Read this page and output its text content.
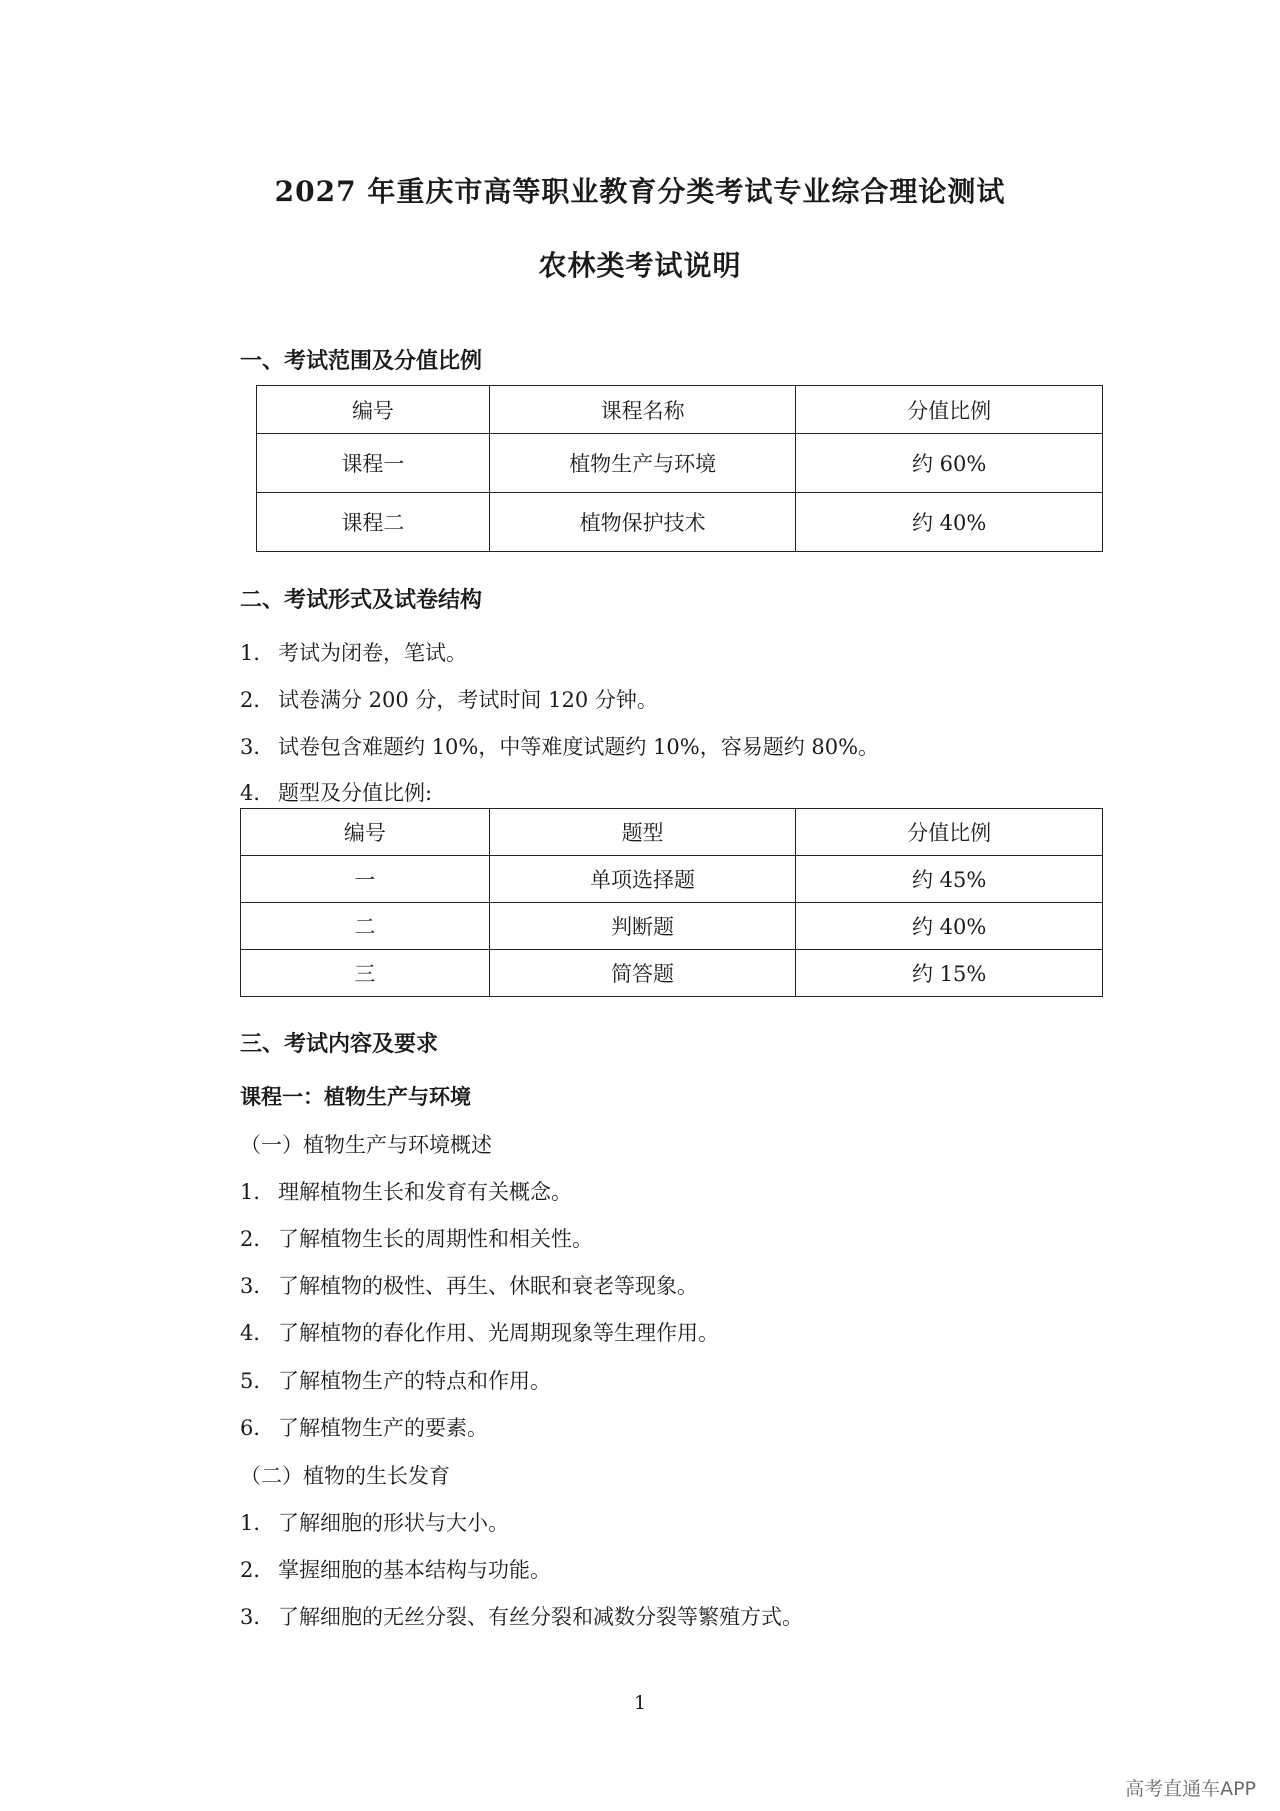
2027 年重庆市高等职业教育分类考试专业综合理论测试
农林类考试说明
一、考试范围及分值比例
编号	课程名称	分值比例
课程一	植物生产与环境	约 60%
课程二	植物保护技术	约 40%
二、考试形式及试卷结构
1． 考试为闭卷，笔试。
2． 试卷满分 200 分，考试时间 120 分钟。
3． 试卷包含难题约 10%，中等难度试题约 10%，容易题约 80%。
4． 题型及分值比例:
编号	题型	分值比例
一	单项选择题	约 45%
二	判断题	约 40%
三	简答题	约 15%
三、考试内容及要求
课程一：植物生产与环境
（一）植物生产与环境概述
1． 理解植物生长和发育有关概念。
2． 了解植物生长的周期性和相关性。
3． 了解植物的极性、再生、休眠和衰老等现象。
4． 了解植物的春化作用、光周期现象等生理作用。
5． 了解植物生产的特点和作用。
6． 了解植物生产的要素。
（二）植物的生长发育
1． 了解细胞的形状与大小。
2． 掌握细胞的基本结构与功能。
3． 了解细胞的无丝分裂、有丝分裂和减数分裂等繁殖方式。
1
高考直通车APP
